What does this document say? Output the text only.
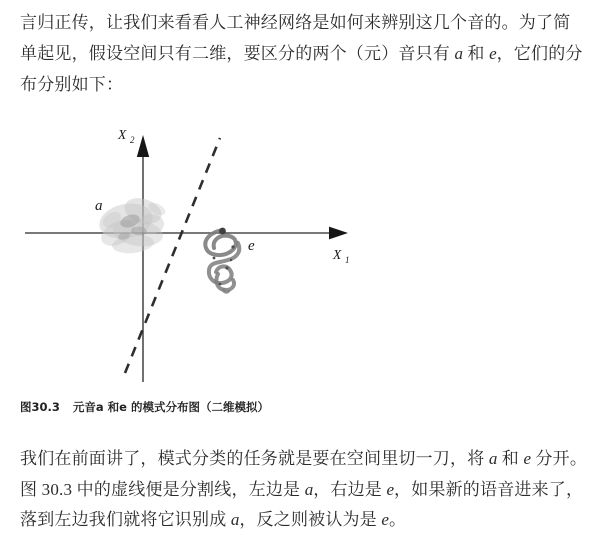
言归正传，让我们来看看人工神经网络是如何来辨别这几个音的。为了简
单起见，假设空间只有二维，要区分的两个（元）音只有 a 和 e，它们的分
布分别如下：
X 2
X 1
a
e
图30.3 元音a 和e 的模式分布图（二维模拟）
我们在前面讲了，模式分类的任务就是要在空间里切一刀，将 a 和 e 分开。
图 30.3 中的虚线便是分割线，左边是 a，右边是 e，如果新的语音进来了，
落到左边我们就将它识别成 a，反之则被认为是 e。
